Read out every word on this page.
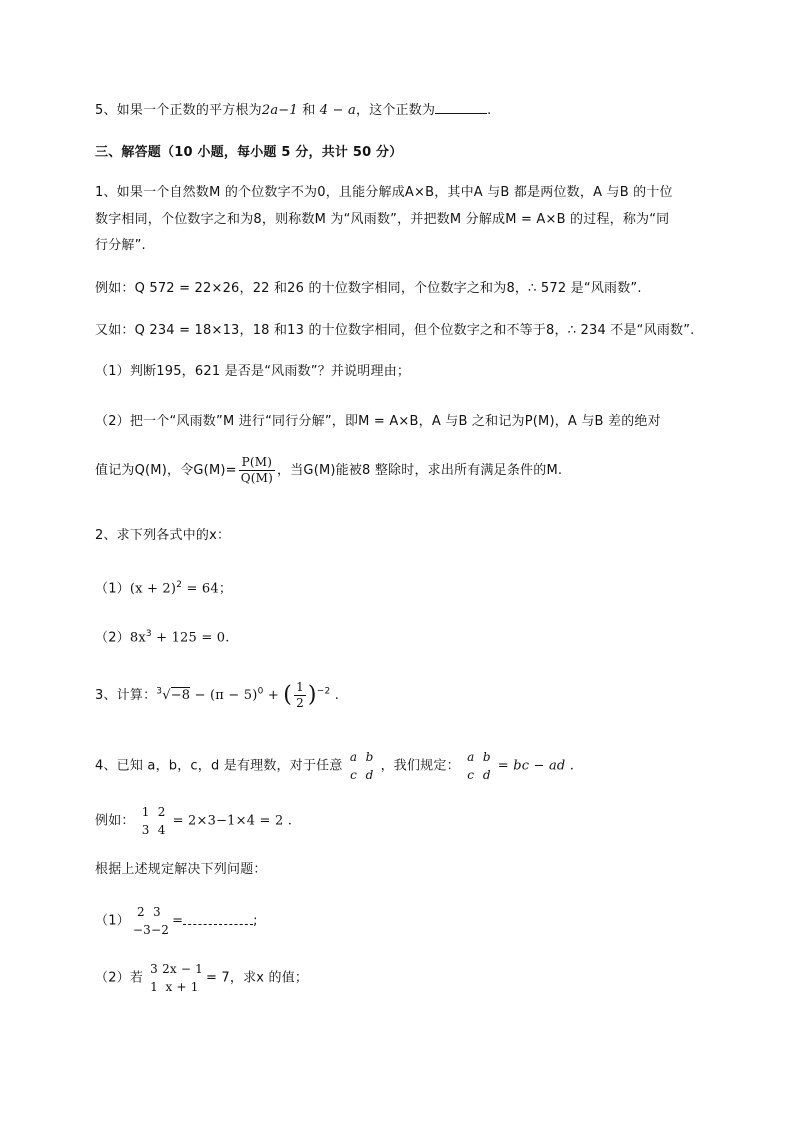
5、如果一个正数的平方根为2a−1 和 4 − a，这个正数为	.
三、解答题（10 小题，每小题 5 分，共计 50 分）
1、如果一个自然数M 的个位数字不为0，且能分解成A×B，其中A 与B 都是两位数，A 与B 的十位
数字相同，个位数字之和为8，则称数M 为“风雨数”，并把数M 分解成M = A×B 的过程，称为“同
行分解”.
例如：Q 572 = 22×26，22 和26 的十位数字相同，个位数字之和为8，∴ 572 是“风雨数”.
又如：Q 234 = 18×13，18 和13 的十位数字相同，但个位数字之和不等于8，∴ 234 不是“风雨数”.
（1）判断195，621 是否是“风雨数”？并说明理由；
（2）把一个“风雨数”M 进行“同行分解”，即M = A×B，A 与B 之和记为P(M)，A 与B 差的绝对
值记为Q(M)，令$G(M)= \frac{P(M)}{Q(M)}$ ，当G(M)能被8 整除时，求出所有满足条件的M.
2、求下列各式中的x：
$(1)(x + 2)^2 = 64$；
$(2)8x^3 + 125 = 0$.
3、计算：$^3√-8 - (\pi - 5)^0$ + ( $\frac{1}{2} )^{-2}$ .
4、已知 a，b，c，d 是有理数，对于任意
a b
c d
，我们规定：
a b
c d
= bc − ad .
例如：
1 2
3 4
= 2×3−1×4 = 2 .
根据上述规定解决下列问题：
（1）
2 3
−3−2
=	;
（2）若
3 2x − 1
1 x + 1
= 7，求x 的值；
